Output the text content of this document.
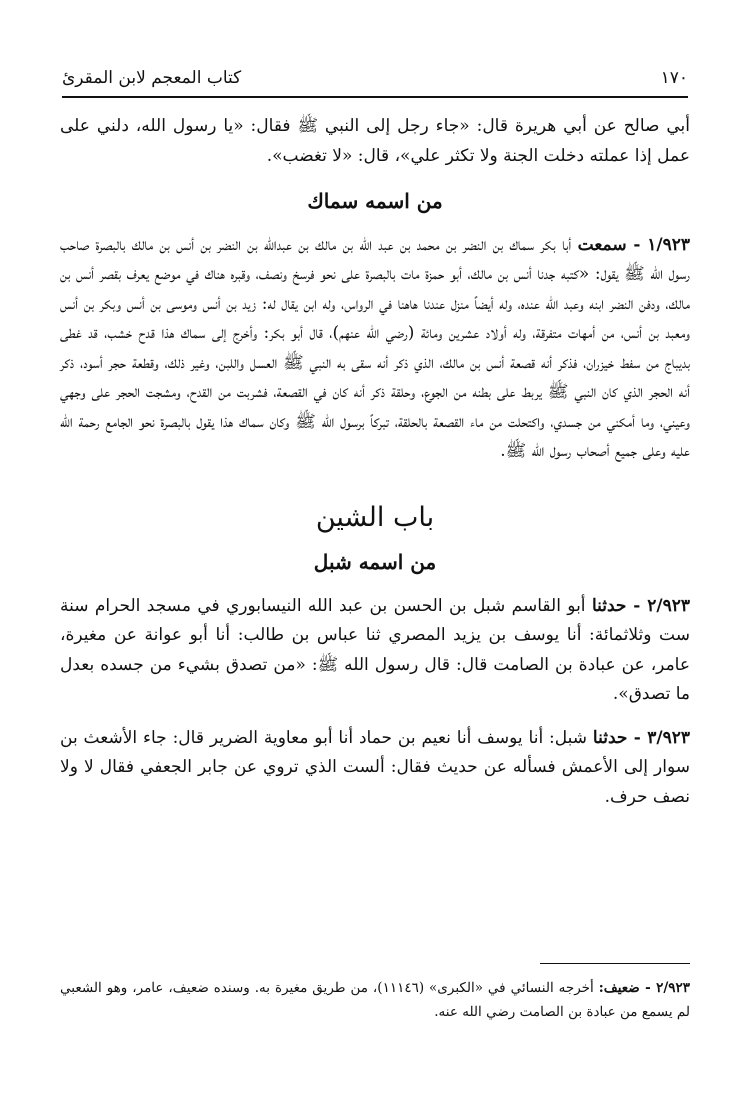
١٧٠
كتاب المعجم لابن المقرئ

أبي صالح عن أبي هريرة قال: «جاء رجل إلى النبي ﷺ فقال: «يا رسول الله، دلني على عمل إذا عملته دخلت الجنة ولا تكثر علي»، قال: «لا تغضب».

من اسمه سماك

١/٩٢٣ - سمعت أبا بكر سماك بن النضر بن محمد بن عبد الله بن مالك بن عبدالله بن النضر بن أنس بن مالك بالبصرة صاحب رسول الله ﷺ يقول: «كتبه جدنا أنس بن مالك، أبو حمزة مات بالبصرة على نحو فرسخ ونصف، وقبره هناك في موضع يعرف بقصر أنس بن مالك، ودفن النضر ابنه وعبد الله عنده، وله أيضاً منزل عندنا هاهنا في الرواس، وله ابن يقال له: زيد بن أنس وموسى بن أنس وبكر بن أنس ومعبد بن أنس، من أمهات متفرقة، وله أولاد عشرين ومائة (رضي الله عنهم)، قال أبو بكر: وأخرج إلى سماك هذا قدح خشب، قد غطى بديباج من سفط خيزران، فذكر أنه قصعة أنس بن مالك، الذي ذكر أنه سقى به النبي ﷺ العسل واللبن، وغير ذلك، وقطعة حجر أسود، ذكر أنه الحجر الذي كان النبي ﷺ يربط على بطنه من الجوع، وحلقة ذكر أنه كان في القصعة، فشربت من القدح، ومشجت الحجر على وجهي وعيني، وما أمكني من جسدي، واكتحلت من ماء القصعة بالحلقة، تبركاً برسول الله ﷺ وكان سماك هذا يقول بالبصرة نحو الجامع رحمة الله عليه وعلى جميع أصحاب رسول الله ﷺ.

باب الشين

من اسمه شبل

٢/٩٢٣ - حدثنا أبو القاسم شبل بن الحسن بن عبد الله النيسابوري في مسجد الحرام سنة ست وثلاثمائة: أنا يوسف بن يزيد المصري ثنا عباس بن طالب: أنا أبو عوانة عن مغيرة، عامر، عن عبادة بن الصامت قال: قال رسول الله ﷺ: «من تصدق بشيء من جسده بعدل ما تصدق».

٣/٩٢٣ - حدثنا شبل: أنا يوسف أنا نعيم بن حماد أنا أبو معاوية الضرير قال: جاء الأشعث بن سوار إلى الأعمش فسأله عن حديث فقال: ألست الذي تروي عن جابر الجعفي فقال لا ولا نصف حرف.

٢/٩٢٣ - ضعيف: أخرجه النسائي في «الكبرى» (١١١٤٦)، من طريق مغيرة به. وسنده ضعيف، عامر، وهو الشعبي لم يسمع من عبادة بن الصامت رضي الله عنه.
